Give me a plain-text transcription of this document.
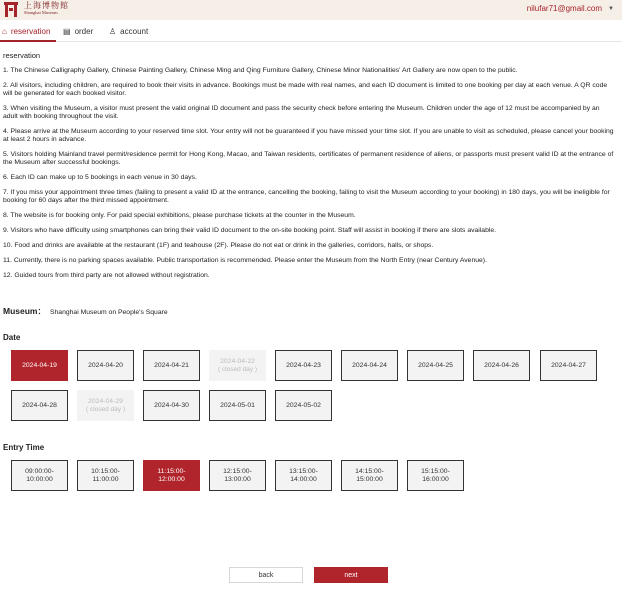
上海博物館
Shanghai Museum	nilufar71@gmail.com ▼
⌂ reservation ▤ order ♙ account
reservation

1. The Chinese Calligraphy Gallery, Chinese Painting Gallery, Chinese Ming and Qing Furniture Gallery, Chinese Minor Nationalities' Art Gallery are now open to the public.

2. All visitors, including children, are required to book their visits in advance. Bookings must be made with real names, and each ID document is limited to one booking per day at each venue. A QR code will be generated for each booked visitor.

3. When visiting the Museum, a visitor must present the valid original ID document and pass the security check before entering the Museum. Children under the age of 12 must be accompanied by an adult with booking throughout the visit.

4. Please arrive at the Museum according to your reserved time slot. Your entry will not be guaranteed if you have missed your time slot. If you are unable to visit as scheduled, please cancel your booking at least 2 hours in advance.

5. Visitors holding Mainland travel permit/residence permit for Hong Kong, Macao, and Taiwan residents, certificates of permanent residence of aliens, or passports must present valid ID at the entrance of the Museum after successful bookings.

6. Each ID can make up to 5 bookings in each venue in 30 days.

7. If you miss your appointment three times (failing to present a valid ID at the entrance, cancelling the booking, failing to visit the Museum according to your booking) in 180 days, you will be ineligible for booking for 60 days after the third missed appointment.

8. The website is for booking only. For paid special exhibitions, please purchase tickets at the counter in the Museum.

9. Visitors who have difficulty using smartphones can bring their valid ID document to the on-site booking point. Staff will assist in booking if there are slots available.

10. Food and drinks are available at the restaurant (1F) and teahouse (2F). Please do not eat or drink in the galleries, corridors, halls, or shops.

11. Currently, there is no parking spaces available. Public transportation is recommended. Please enter the Museum from the North Entry (near Century Avenue).

12. Guided tours from third party are not allowed without registration.

Museum： Shanghai Museum on People's Square
Date
2024-04-19	2024-04-20	2024-04-21
2024-04-22
( closed day )
2024-04-23	2024-04-24	2024-04-25	2024-04-26	2024-04-27
2024-04-28
2024-04-29
( closed day )
2024-04-30	2024-05-01	2024-05-02
Entry Time
09:00:00-
10:00:00
10:15:00-
11:00:00
11:15:00-
12:00:00
12:15:00-
13:00:00
13:15:00-
14:00:00
14:15:00-
15:00:00
15:15:00-
16:00:00
back	next
